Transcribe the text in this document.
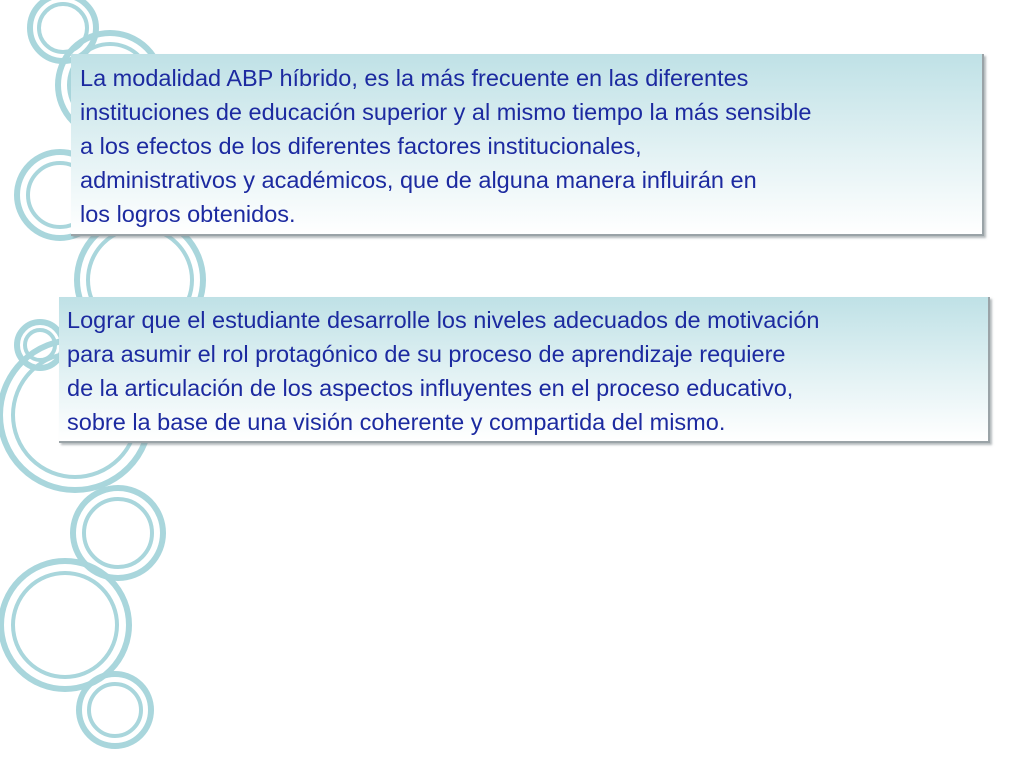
La modalidad ABP híbrido, es la más frecuente en las diferentes
instituciones de educación superior y al mismo tiempo la más sensible
a los efectos de los diferentes factores institucionales,
administrativos y académicos, que de alguna manera influirán en
los logros obtenidos.

Lograr que el estudiante desarrolle los niveles adecuados de motivación
para asumir el rol protagónico de su proceso de aprendizaje requiere
de la articulación de los aspectos influyentes en el proceso educativo,
sobre la base de una visión coherente y compartida del mismo.
